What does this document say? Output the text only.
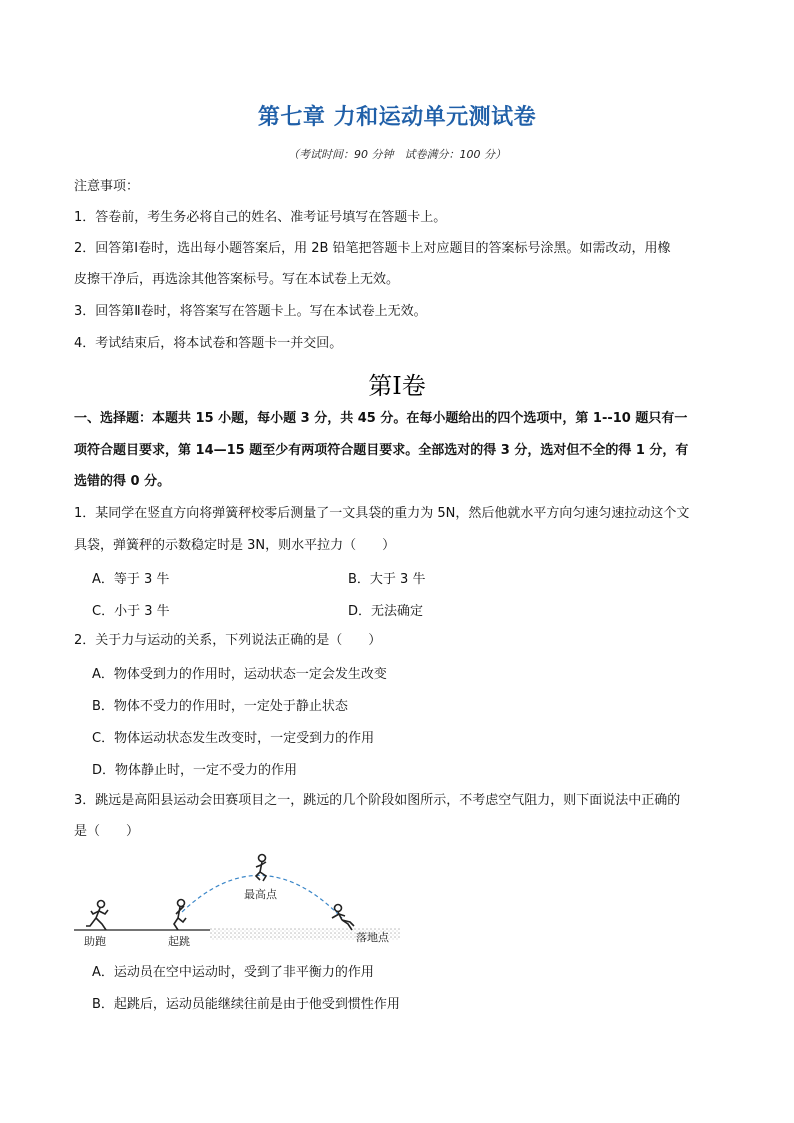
第七章 力和运动单元测试卷
（考试时间：90 分钟　试卷满分：100 分）
注意事项：
1．答卷前，考生务必将自己的姓名、准考证号填写在答题卡上。
2．回答第Ⅰ卷时，选出每小题答案后，用 2B 铅笔把答题卡上对应题目的答案标号涂黑。如需改动，用橡
皮擦干净后，再选涂其他答案标号。写在本试卷上无效。
3．回答第Ⅱ卷时，将答案写在答题卡上。写在本试卷上无效。
4．考试结束后，将本试卷和答题卡一并交回。
第Ⅰ卷
一、选择题：本题共 15 小题，每小题 3 分，共 45 分。在每小题给出的四个选项中，第 1--10 题只有一
项符合题目要求，第 14—15 题至少有两项符合题目要求。全部选对的得 3 分，选对但不全的得 1 分，有
选错的得 0 分。
1．某同学在竖直方向将弹簧秤校零后测量了一文具袋的重力为 5N，然后他就水平方向匀速匀速拉动这个文
具袋，弹簧秤的示数稳定时是 3N，则水平拉力（　　）
A．等于 3 牛	B．大于 3 牛
C．小于 3 牛	D．无法确定
2．关于力与运动的关系，下列说法正确的是（　　）
A．物体受到力的作用时，运动状态一定会发生改变
B．物体不受力的作用时，一定处于静止状态
C．物体运动状态发生改变时，一定受到力的作用
D．物体静止时，一定不受力的作用
3．跳远是高阳县运动会田赛项目之一，跳远的几个阶段如图所示，不考虑空气阻力，则下面说法中正确的
是（　　）
助跑	起跳
最高点
落地点
A．运动员在空中运动时，受到了非平衡力的作用
B．起跳后，运动员能继续往前是由于他受到惯性作用
